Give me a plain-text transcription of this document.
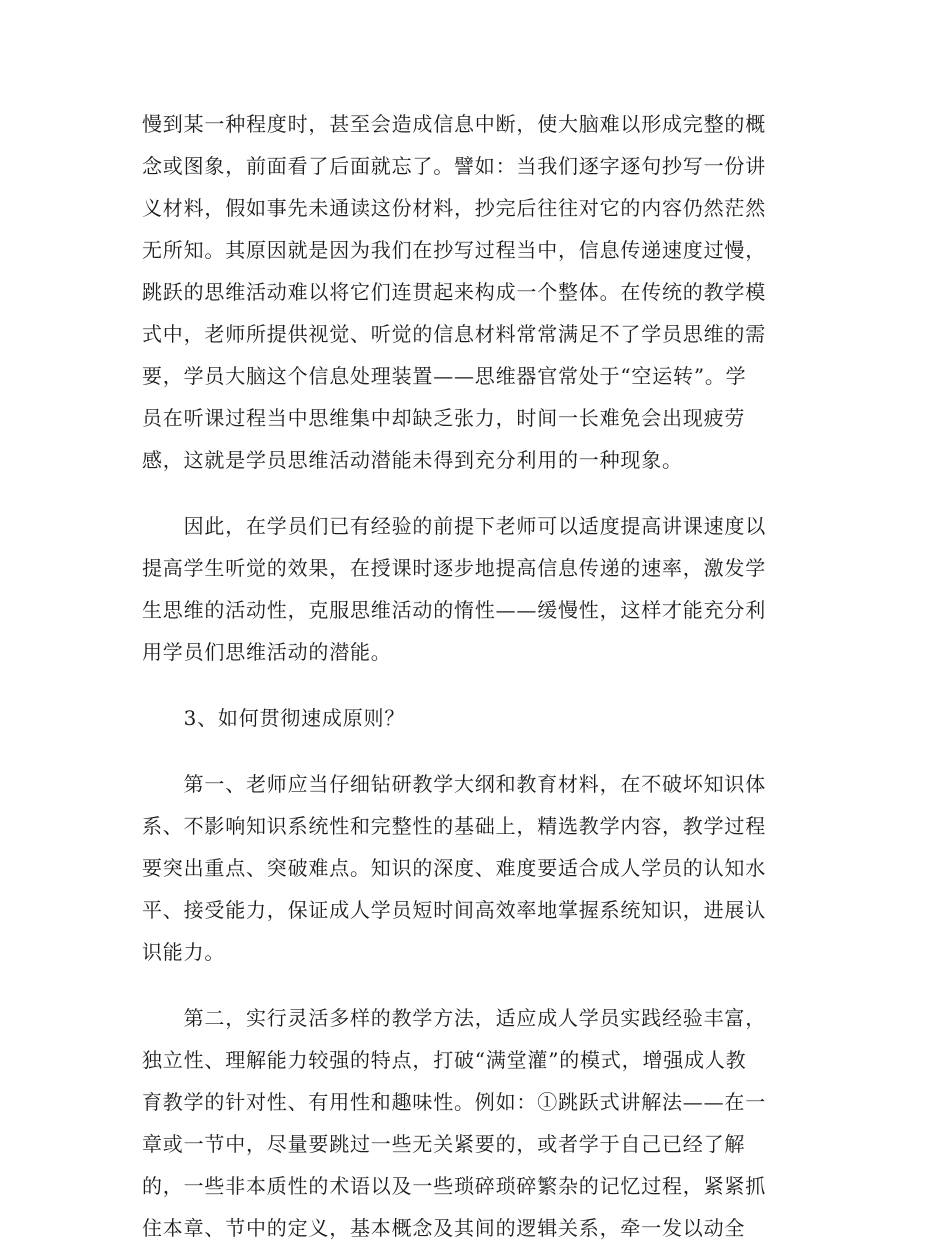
慢到某一种程度时，甚至会造成信息中断，使大脑难以形成完整的概
念或图象，前面看了后面就忘了。譬如：当我们逐字逐句抄写一份讲
义材料，假如事先未通读这份材料，抄完后往往对它的内容仍然茫然
无所知。其原因就是因为我们在抄写过程当中，信息传递速度过慢，
跳跃的思维活动难以将它们连贯起来构成一个整体。在传统的教学模
式中，老师所提供视觉、听觉的信息材料常常满足不了学员思维的需
要，学员大脑这个信息处理装置——思维器官常处于“空运转”。学
员在听课过程当中思维集中却缺乏张力，时间一长难免会出现疲劳
感，这就是学员思维活动潜能未得到充分利用的一种现象。
　　因此，在学员们已有经验的前提下老师可以适度提高讲课速度以
提高学生听觉的效果，在授课时逐步地提高信息传递的速率，激发学
生思维的活动性，克服思维活动的惰性——缓慢性，这样才能充分利
用学员们思维活动的潜能。
　　3、如何贯彻速成原则？
　　第一、老师应当仔细钻研教学大纲和教育材料，在不破坏知识体
系、不影响知识系统性和完整性的基础上，精选教学内容，教学过程
要突出重点、突破难点。知识的深度、难度要适合成人学员的认知水
平、接受能力，保证成人学员短时间高效率地掌握系统知识，进展认
识能力。
　　第二，实行灵活多样的教学方法，适应成人学员实践经验丰富，
独立性、理解能力较强的特点，打破“满堂灌”的模式，增强成人教
育教学的针对性、有用性和趣味性。例如：①跳跃式讲解法——在一
章或一节中，尽量要跳过一些无关紧要的，或者学于自己已经了解
的，一些非本质性的术语以及一些琐碎琐碎繁杂的记忆过程，紧紧抓
住本章、节中的定义，基本概念及其间的逻辑关系，牵一发以动全
